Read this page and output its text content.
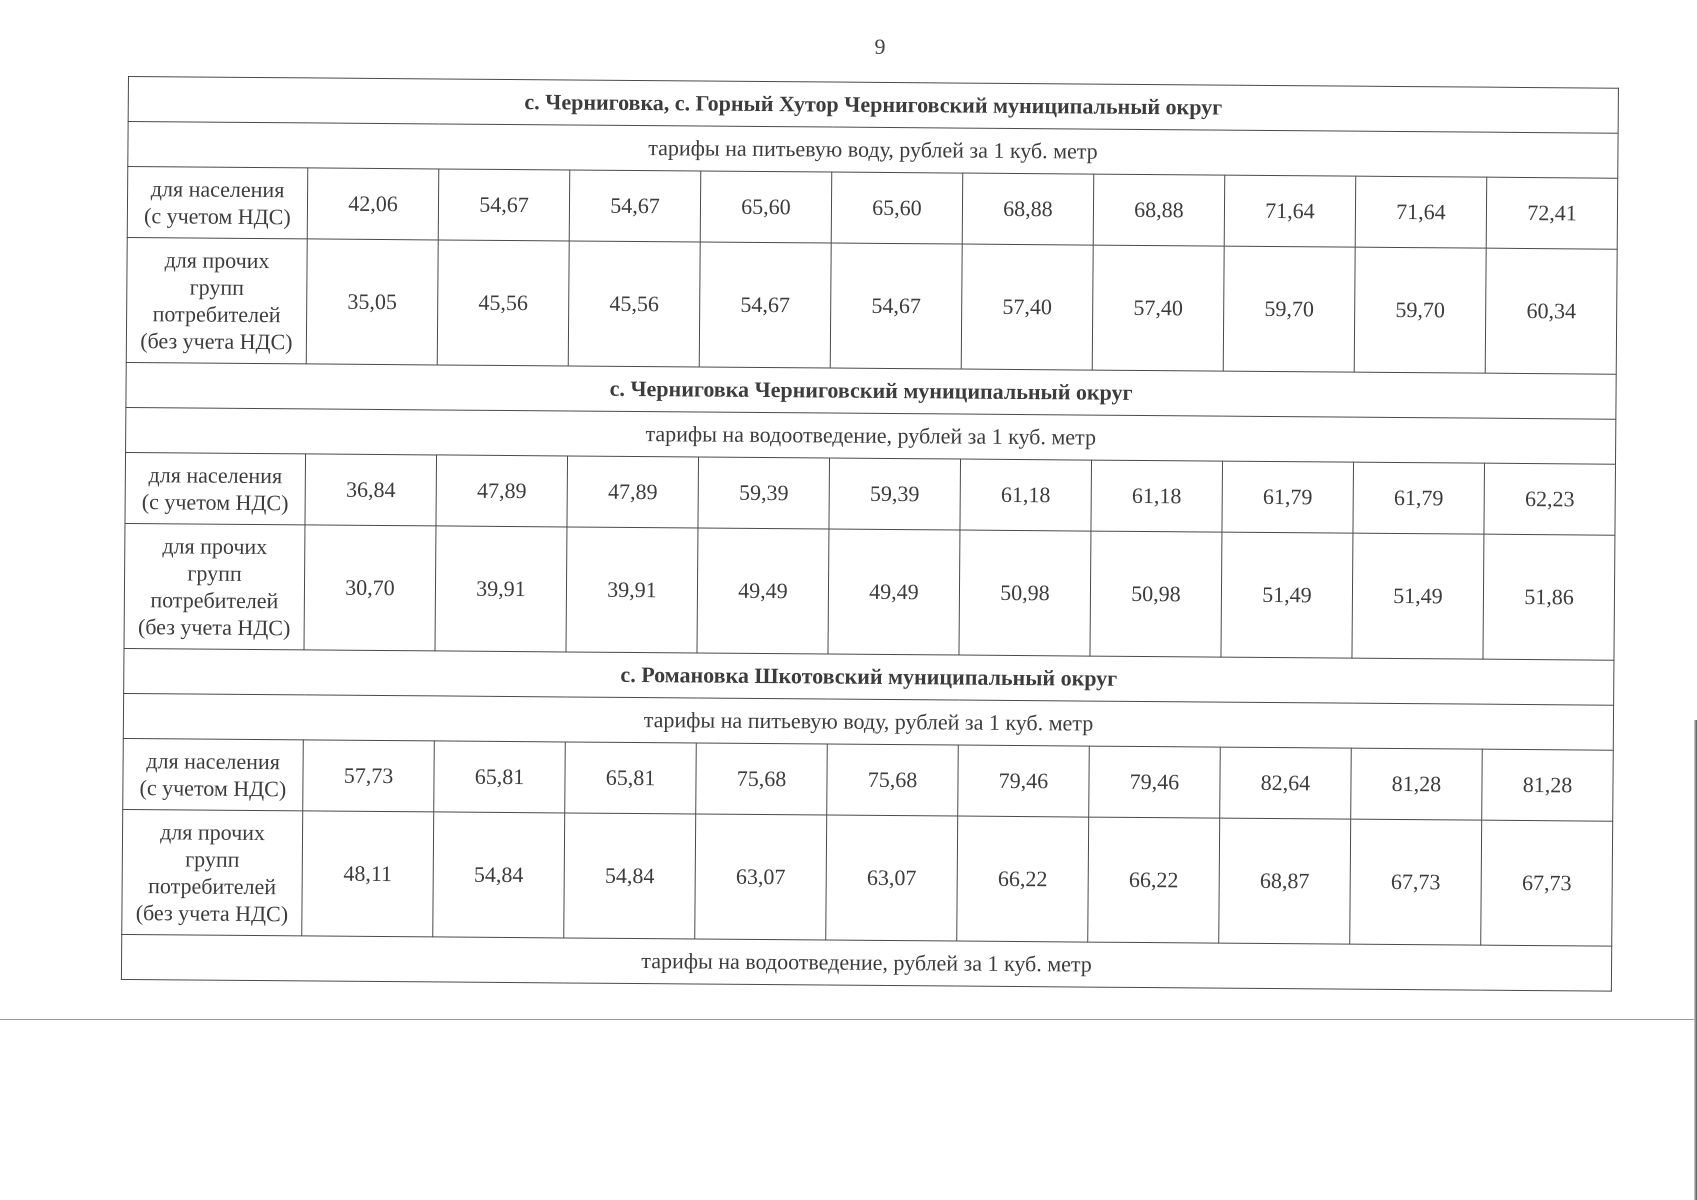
9
с. Черниговка, с. Горный Хутор Черниговский муниципальный округ										
тарифы на питьевую воду, рублей за 1 куб. метр										

для населения
(с учетом НДС)	42,06	54,67	54,67	65,60	65,60	68,88	68,88	71,64	71,64	72,41

для прочих
групп
потребителей
(без учета НДС)	35,05	45,56	45,56	54,67	54,67	57,40	57,40	59,70	59,70	60,34
с. Черниговка Черниговский муниципальный округ										
тарифы на водоотведение, рублей за 1 куб. метр										

для населения
(с учетом НДС)	36,84	47,89	47,89	59,39	59,39	61,18	61,18	61,79	61,79	62,23

для прочих
групп
потребителей
(без учета НДС)	30,70	39,91	39,91	49,49	49,49	50,98	50,98	51,49	51,49	51,86
с. Романовка Шкотовский муниципальный округ										
тарифы на питьевую воду, рублей за 1 куб. метр										

для населения
(с учетом НДС)	57,73	65,81	65,81	75,68	75,68	79,46	79,46	82,64	81,28	81,28

для прочих
групп
потребителей
(без учета НДС)	48,11	54,84	54,84	63,07	63,07	66,22	66,22	68,87	67,73	67,73
тарифы на водоотведение, рублей за 1 куб. метр										
